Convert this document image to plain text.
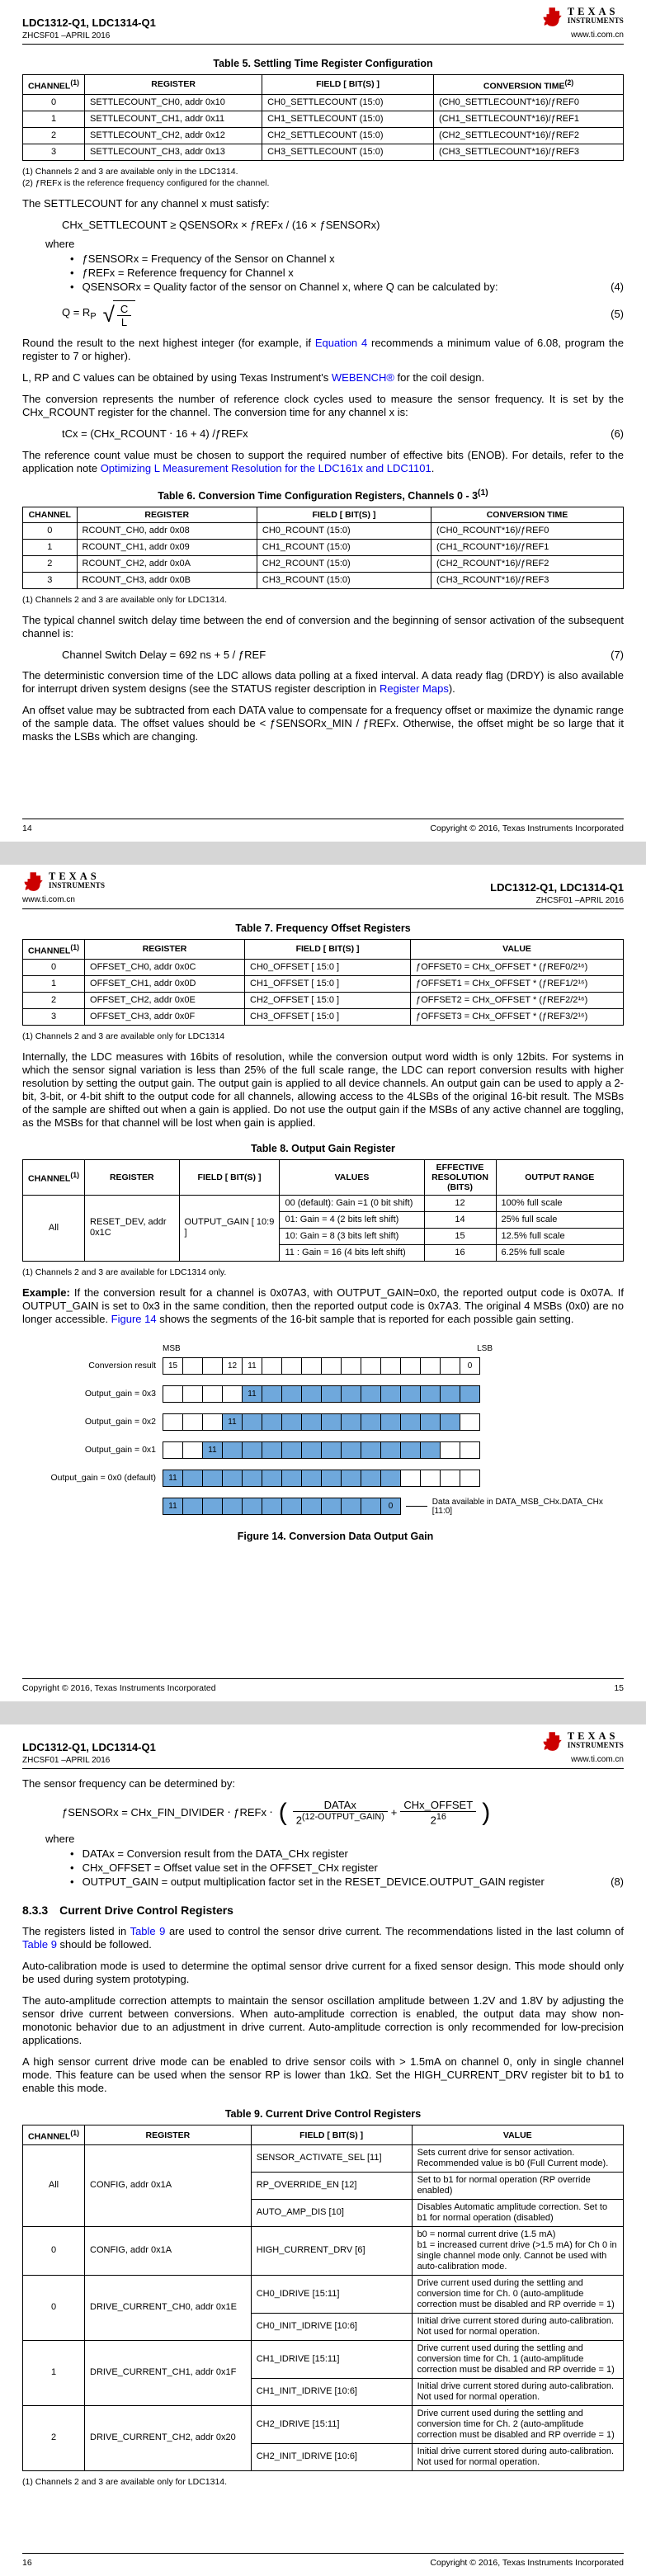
LDC1312-Q1, LDC1314-Q1
ZHCSF01 –APRIL 2016
TEXAS
INSTRUMENTS
www.ti.com.cn
Table 5. Settling Time Register Configuration
CHANNEL$^{(1)}$	REGISTER	FIELD [ BIT(S) ]	CONVERSION TIME$^{(2)}$
0	SETTLECOUNT_CH0, addr 0x10	CH0_SETTLECOUNT (15:0)	(CH0_SETTLECOUNT*16)/ƒREF0
1	SETTLECOUNT_CH1, addr 0x11	CH1_SETTLECOUNT (15:0)	(CH1_SETTLECOUNT*16)/ƒREF1
2	SETTLECOUNT_CH2, addr 0x12	CH2_SETTLECOUNT (15:0)	(CH2_SETTLECOUNT*16)/ƒREF2
3	SETTLECOUNT_CH3, addr 0x13	CH3_SETTLECOUNT (15:0)	(CH3_SETTLECOUNT*16)/ƒREF3
(1) Channels 2 and 3 are available only in the LDC1314.
(2) ƒREFx is the reference frequency configured for the channel.

The SETTLECOUNT for any channel x must satisfy:

CHx_SETTLECOUNT ≥ QSENSORx × ƒREFx / (16 × ƒSENSORx)
where
• ƒSENSORx = Frequency of the Sensor on Channel x
• ƒREFx = Reference frequency for Channel x
• QSENSORx = Quality factor of the sensor on Channel x, where Q can be calculated by:	(4)
$Q = R_P$ √ $\frac{C}{L}$	(5)

Round the result to the next highest integer (for example, if Equation 4 recommends a minimum value of 6.08, program the register to 7 or higher).

L, RP and C values can be obtained by using Texas Instrument's WEBENCH® for the coil design.

The conversion represents the number of reference clock cycles used to measure the sensor frequency. It is set by the CHx_RCOUNT register for the channel. The conversion time for any channel x is:

tCx = (CHx_RCOUNT ⋅ 16 + 4) /ƒREFx	(6)

The reference count value must be chosen to support the required number of effective bits (ENOB). For details, refer to the application note Optimizing L Measurement Resolution for the LDC161x and LDC1101.

Table 6. Conversion Time Configuration Registers, Channels 0 - 3$^{(1)}$
CHANNEL	REGISTER	FIELD [ BIT(S) ]	CONVERSION TIME
0	RCOUNT_CH0, addr 0x08	CH0_RCOUNT (15:0)	(CH0_RCOUNT*16)/ƒREF0
1	RCOUNT_CH1, addr 0x09	CH1_RCOUNT (15:0)	(CH1_RCOUNT*16)/ƒREF1
2	RCOUNT_CH2, addr 0x0A	CH2_RCOUNT (15:0)	(CH2_RCOUNT*16)/ƒREF2
3	RCOUNT_CH3, addr 0x0B	CH3_RCOUNT (15:0)	(CH3_RCOUNT*16)/ƒREF3
(1) Channels 2 and 3 are available only for LDC1314.

The typical channel switch delay time between the end of conversion and the beginning of sensor activation of the subsequent channel is:

Channel Switch Delay = 692 ns + 5 / ƒREF	(7)

The deterministic conversion time of the LDC allows data polling at a fixed interval. A data ready flag (DRDY) is also available for interrupt driven system designs (see the STATUS register description in Register Maps).

An offset value may be subtracted from each DATA value to compensate for a frequency offset or maximize the dynamic range of the sample data. The offset values should be < ƒSENSORx_MIN / ƒREFx. Otherwise, the offset might be so large that it masks the LSBs which are changing.

14	Copyright © 2016, Texas Instruments Incorporated
TEXAS
INSTRUMENTS
www.ti.com.cn
LDC1312-Q1, LDC1314-Q1
ZHCSF01 –APRIL 2016
Table 7. Frequency Offset Registers
CHANNEL$^{(1)}$	REGISTER	FIELD [ BIT(S) ]	VALUE
0	OFFSET_CH0, addr 0x0C	CH0_OFFSET [ 15:0 ]	ƒOFFSET0 = CHx_OFFSET * (ƒREF0/2¹⁶)
1	OFFSET_CH1, addr 0x0D	CH1_OFFSET [ 15:0 ]	ƒOFFSET1 = CHx_OFFSET * (ƒREF1/2¹⁶)
2	OFFSET_CH2, addr 0x0E	CH2_OFFSET [ 15:0 ]	ƒOFFSET2 = CHx_OFFSET * (ƒREF2/2¹⁶)
3	OFFSET_CH3, addr 0x0F	CH3_OFFSET [ 15:0 ]	ƒOFFSET3 = CHx_OFFSET * (ƒREF3/2¹⁶)
(1) Channels 2 and 3 are available only for LDC1314

Internally, the LDC measures with 16bits of resolution, while the conversion output word width is only 12bits. For systems in which the sensor signal variation is less than 25% of the full scale range, the LDC can report conversion results with higher resolution by setting the output gain. The output gain is applied to all device channels. An output gain can be used to apply a 2-bit, 3-bit, or 4-bit shift to the output code for all channels, allowing access to the 4LSBs of the original 16-bit result. The MSBs of the sample are shifted out when a gain is applied. Do not use the output gain if the MSBs of any active channel are toggling, as the MSBs for that channel will be lost when gain is applied.

Table 8. Output Gain Register
CHANNEL$^{(1)}$	REGISTER	FIELD [ BIT(S) ]	VALUES	EFFECTIVE RESOLUTION (BITS)	OUTPUT RANGE
All	RESET_DEV, addr 0x1C	OUTPUT_GAIN [ 10:9 ]	00 (default): Gain =1 (0 bit shift)	12	100% full scale
			01: Gain = 4 (2 bits left shift)	14	25% full scale
			10: Gain = 8 (3 bits left shift)	15	12.5% full scale
			11 : Gain = 16 (4 bits left shift)	16	6.25% full scale
(1) Channels 2 and 3 are available for LDC1314 only.

Example: If the conversion result for a channel is 0x07A3, with OUTPUT_GAIN=0x0, the reported output code is 0x07A. If OUTPUT_GAIN is set to 0x3 in the same condition, then the reported output code is 0x7A3. The original 4 MSBs (0x0) are no longer accessible. Figure 14 shows the segments of the 16-bit sample that is reported for each possible gain setting.

MSB	LSB
Conversion result	15	12	11	0
Output_gain = 0x3	11
Output_gain = 0x2	11
Output_gain = 0x1	11
Output_gain = 0x0 (default)	11
11	0	Data available in DATA_MSB_CHx.DATA_CHx [11:0]
Figure 14. Conversion Data Output Gain
Copyright © 2016, Texas Instruments Incorporated	15
LDC1312-Q1, LDC1314-Q1
ZHCSF01 –APRIL 2016
TEXAS
INSTRUMENTS
www.ti.com.cn

The sensor frequency can be determined by:

ƒSENSORx = CHx_FIN_DIVIDER ⋅ ƒREFx ⋅ ( $\frac{\text{DATAx}}{2^{(12-OUTPUT\_GAIN)}} + \frac{\text{CHx\_OFFSET}}{2^{16}}$ )
where
• DATAx = Conversion result from the DATA_CHx register
• CHx_OFFSET = Offset value set in the OFFSET_CHx register
• OUTPUT_GAIN = output multiplication factor set in the RESET_DEVICE.OUTPUT_GAIN register	(8)
8.3.3 Current Drive Control Registers

The registers listed in Table 9 are used to control the sensor drive current. The recommendations listed in the last column of Table 9 should be followed.

Auto-calibration mode is used to determine the optimal sensor drive current for a fixed sensor design. This mode should only be used during system prototyping.

The auto-amplitude correction attempts to maintain the sensor oscillation amplitude between 1.2V and 1.8V by adjusting the sensor drive current between conversions. When auto-amplitude correction is enabled, the output data may show non-monotonic behavior due to an adjustment in drive current. Auto-amplitude correction is only recommended for low-precision applications.

A high sensor current drive mode can be enabled to drive sensor coils with > 1.5mA on channel 0, only in single channel mode. This feature can be used when the sensor RP is lower than 1kΩ. Set the HIGH_CURRENT_DRV register bit to b1 to enable this mode.

Table 9. Current Drive Control Registers
CHANNEL$^{(1)}$	REGISTER	FIELD [ BIT(S) ]	VALUE
All	CONFIG, addr 0x1A	SENSOR_ACTIVATE_SEL [11]	Sets current drive for sensor activation. Recommended value is b0 (Full Current mode).
		RP_OVERRIDE_EN [12]	Set to b1 for normal operation (RP override enabled)
		AUTO_AMP_DIS [10]	Disables Automatic amplitude correction. Set to b1 for normal operation (disabled)
0	CONFIG, addr 0x1A	HIGH_CURRENT_DRV [6]	b0 = normal current drive (1.5 mA)
b1 = increased current drive (>1.5 mA) for Ch 0 in single channel mode only. Cannot be used with auto-calibration mode.

0	DRIVE_CURRENT_CH0, addr 0x1E	CH0_IDRIVE [15:11]	Drive current used during the settling and conversion time for Ch. 0 (auto-amplitude correction must be disabled and RP override = 1)
		CH0_INIT_IDRIVE [10:6]	Initial drive current stored during auto-calibration. Not used for normal operation.
1	DRIVE_CURRENT_CH1, addr 0x1F	CH1_IDRIVE [15:11]	Drive current used during the settling and conversion time for Ch. 1 (auto-amplitude correction must be disabled and RP override = 1)
		CH1_INIT_IDRIVE [10:6]	Initial drive current stored during auto-calibration. Not used for normal operation.
2	DRIVE_CURRENT_CH2, addr 0x20	CH2_IDRIVE [15:11]	Drive current used during the settling and conversion time for Ch. 2 (auto-amplitude correction must be disabled and RP override = 1)
		CH2_INIT_IDRIVE [10:6]	Initial drive current stored during auto-calibration. Not used for normal operation.
(1) Channels 2 and 3 are available only for LDC1314.
16	Copyright © 2016, Texas Instruments Incorporated
